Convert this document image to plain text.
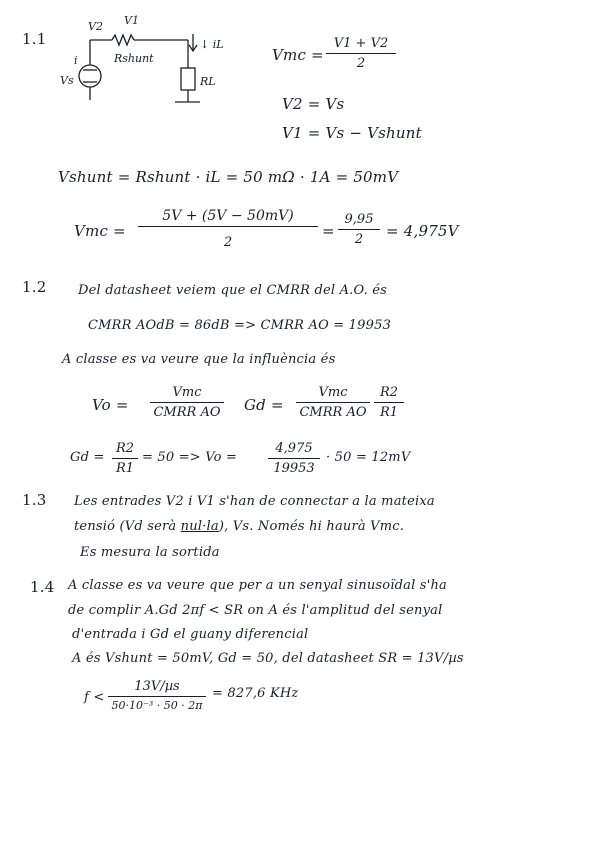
1.1
V2 V1
Rshunt
↓ iL
RL
Vs
i	Vmc =
V1 + V2
2
V2 = Vs
V1 = Vs − Vshunt
Vshunt = Rshunt · iL = 50 mΩ · 1A = 50mV
Vmc =
5V + (5V − 50mV)
2
=
9,95
2	= 4,975V
1.2 Del datasheet veiem que el CMRR del A.O. és
CMRR AOdB = 86dB => CMRR AO = 19953
A classe es va veure que la influència és
Vo =
Vmc
CMRR AO Gd =
Vmc
CMRR AO
R2
R1
Gd =
R2
R1
= 50 => Vo =
4,975
19953
· 50 = 12mV
1.3 Les entrades V2 i V1 s'han de connectar a la mateixa
tensió (Vd serà nul·la), Vs. Només hi haurà Vmc.
Es mesura la sortida
1.4 A classe es va veure que per a un senyal sinusoïdal s'ha
de complir A.Gd 2πf < SR on A és l'amplitud del senyal
d'entrada i Gd el guany diferencial
A és Vshunt = 50mV, Gd = 50, del datasheet SR = 13V/µs
f <
13V/µs
50·10⁻³ · 50 · 2π
= 827,6 KHz
